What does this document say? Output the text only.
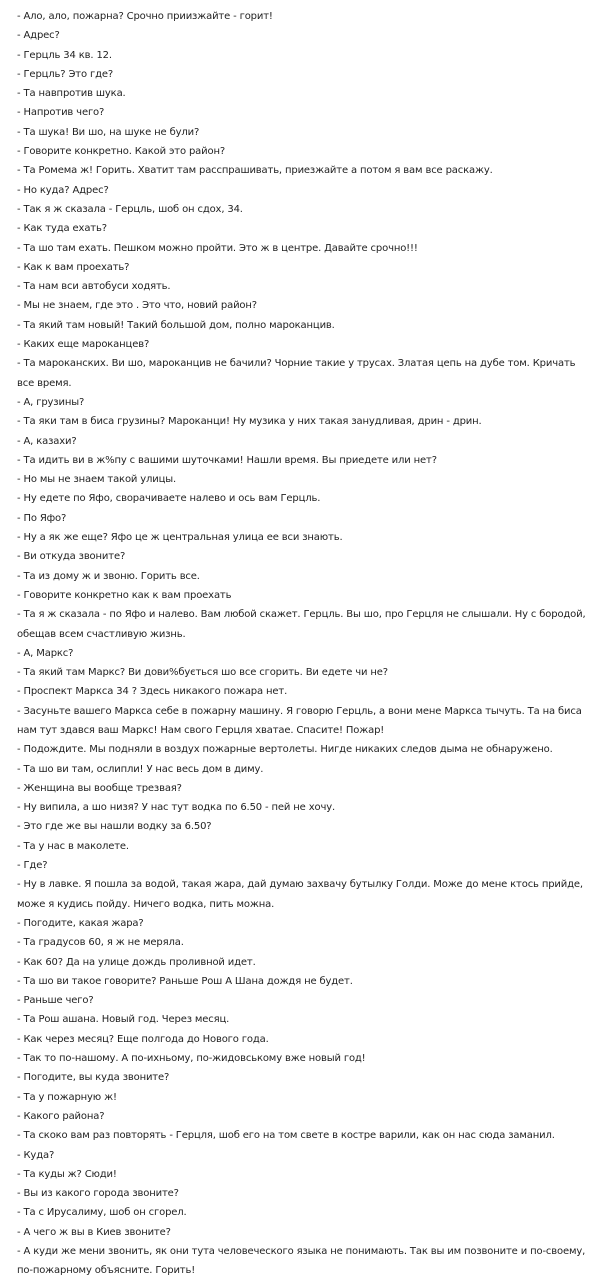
- Ало, ало, пожарна? Срочно приизжайте - горит!

- Адрес?

- Герцль 34 кв. 12.

- Герцль? Это где?

- Та навпротив шука.

- Напротив чего?

- Та шука! Ви шо, на шуке не були?

- Говорите конкретно. Какой это район?

- Та Ромема ж! Горить. Хватит там расспрашивать, приезжайте а потом я вам все раскажу.

- Но куда? Адрес?

- Так я ж сказала - Герцль, шоб он сдох, 34.

- Как туда ехать?

- Та шо там ехать. Пешком можно пройти. Это ж в центре. Давайте срочно!!!

- Как к вам проехать?

- Та нам вси автобуси ходять.

- Мы не знаем, где это . Это что, новий район?

- Та який там новый! Такий большой дом, полно мароканцив.

- Каких еще мароканцев?

- Та мароканских. Ви шо, мароканцив не бачили? Чорние такие у трусах. Златая цепь на дубе том. Кричать все время.

- А, грузины?

- Та яки там в биса грузины? Мароканци! Ну музика у них такая занудливая, дрин - дрин.

- А, казахи?

- Та идить ви в ж%пу с вашими шуточками! Нашли время. Вы приедете или нет?

- Но мы не знаем такой улицы.

- Ну едете по Яфо, сворачиваете налево и ось вам Герцль.

- По Яфо?

- Ну а як же еще? Яфо це ж центральная улица ее вси знають.

- Ви откуда звоните?

- Та из дому ж и звоню. Горить все.

- Говорите конкретно как к вам проехать

- Та я ж сказала - по Яфо и налево. Вам любой скажет. Герцль. Вы шо, про Герцля не слышали. Ну с бородой, обещав всем счастливую жизнь.

- А, Маркс?

- Та який там Маркс? Ви дови%бується шо все сгорить. Ви едете чи не?

- Проспект Маркса 34 ? Здесь никакого пожара нет.

- Засуньте вашего Маркса себе в пожарну машину. Я говорю Герцль, а вони мене Маркса тычуть. Та на биса нам тут здався ваш Маркс! Нам свого Герцля хватае. Спасите! Пожар!

- Подождите. Мы подняли в воздух пожарные вертолеты. Нигде никаких следов дыма не обнаружено.

- Та шо ви там, ослипли! У нас весь дом в диму.

- Женщина вы вообще трезвая?

- Ну випила, а шо низя? У нас тут водка по 6.50 - пей не хочу.

- Это где же вы нашли водку за 6.50?

- Та у нас в маколете.

- Где?

- Ну в лавке. Я пошла за водой, такая жара, дай думаю захвачу бутылку Голди. Може до мене ктось прийде, може я кудись пойду. Ничего водка, пить можна.

- Погодите, какая жара?

- Та градусов 60, я ж не меряла.

- Как 60? Да на улице дождь проливной идет.

- Та шо ви такое говорите? Раньше Рош А Шана дождя не будет.

- Раньше чего?

- Та Рош ашана. Новый год. Через месяц.

- Как через месяц? Еще полгода до Нового года.

- Так то по-нашому. А по-ихньому, по-жидовському вже новый год!

- Погодите, вы куда звоните?

- Та у пожарную ж!

- Какого района?

- Та скоко вам раз повторять - Герцля, шоб его на том свете в костре варили, как он нас сюда заманил.

- Куда?

- Та куды ж? Сюди!

- Вы из какого города звоните?

- Та с Ирусалиму, шоб он сгорел.

- А чего ж вы в Киев звоните?

- А куди же мени звонить, як они тута человеческого языка не понимають. Так вы им позвоните и по-своему, по-пожарному объясните. Горить!
